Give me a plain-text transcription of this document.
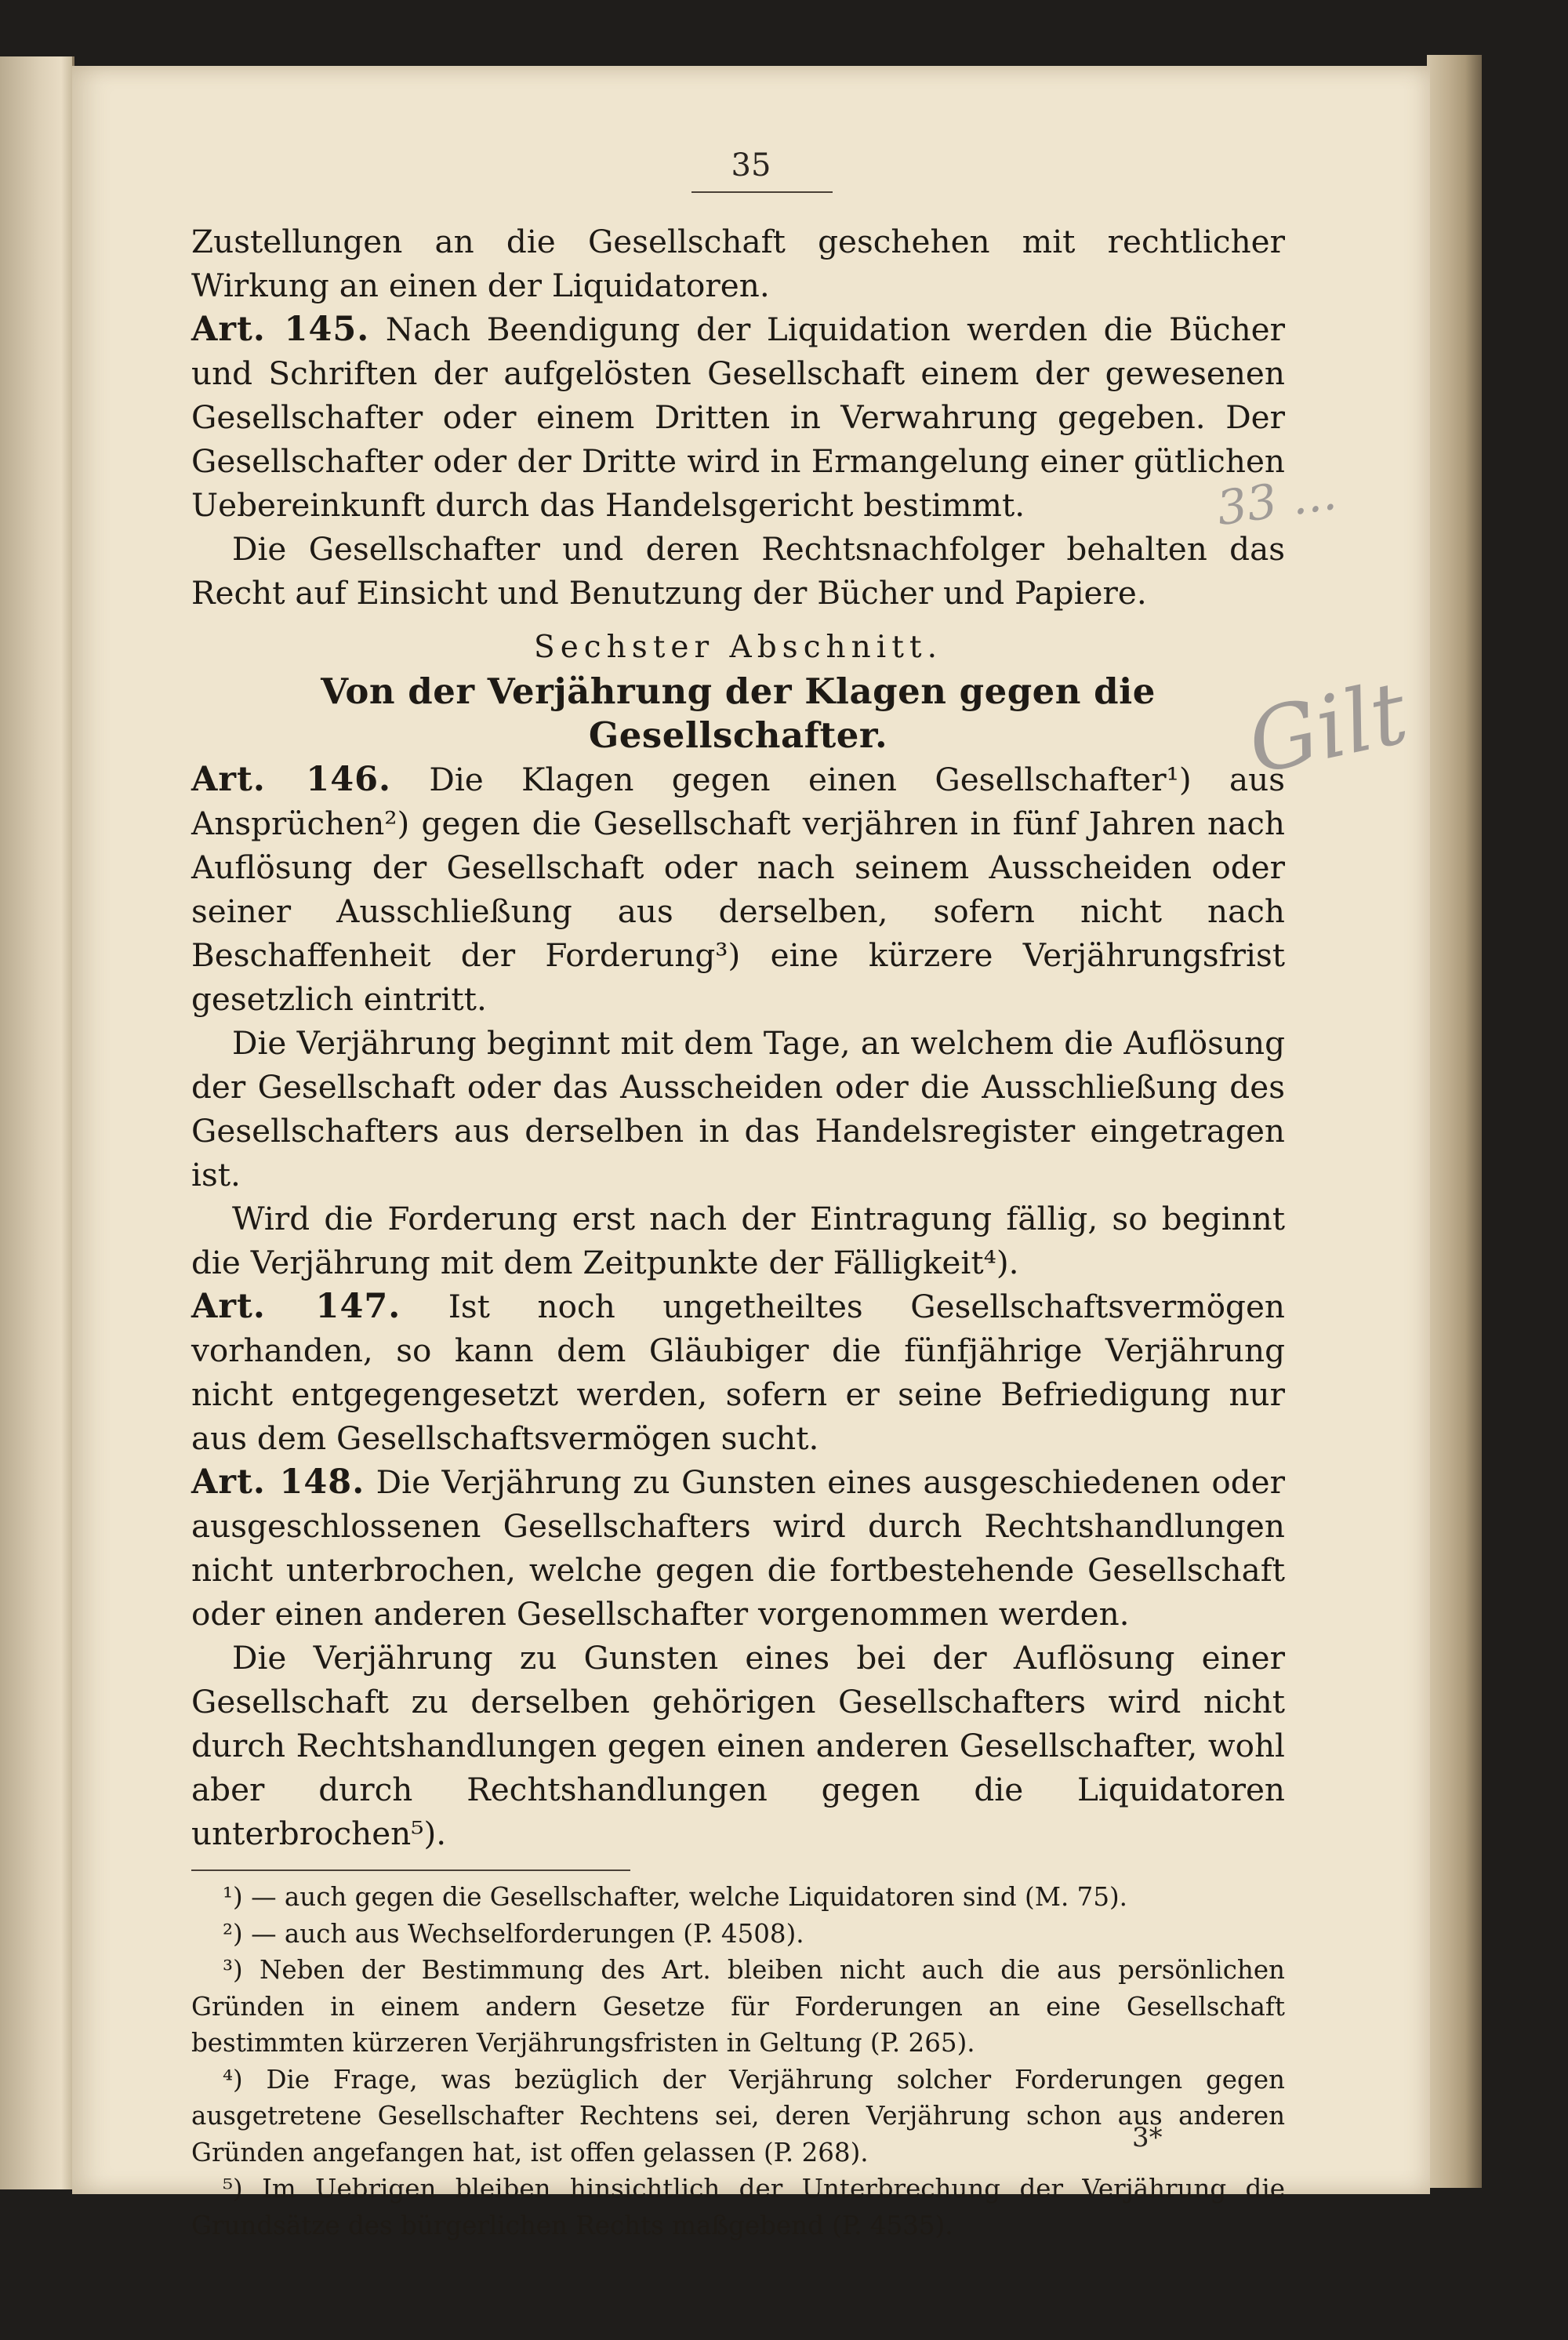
35

Zustellungen an die Gesellschaft geschehen mit rechtlicher Wirkung an einen der Liquidatoren.

Art. 145. Nach Beendigung der Liquidation werden die Bücher und Schriften der aufgelösten Gesellschaft einem der gewesenen Gesellschafter oder einem Dritten in Verwahrung gegeben. Der Gesellschafter oder der Dritte wird in Ermangelung einer gütlichen Uebereinkunft durch das Handelsgericht bestimmt.

Die Gesellschafter und deren Rechtsnachfolger behalten das Recht auf Einsicht und Benutzung der Bücher und Papiere.

Sechster Abschnitt.
Von der Verjährung der Klagen gegen die Gesellschafter.

Art. 146. Die Klagen gegen einen Gesellschafter¹) aus Ansprüchen²) gegen die Gesellschaft verjähren in fünf Jahren nach Auflösung der Gesellschaft oder nach seinem Ausscheiden oder seiner Ausschließung aus derselben, sofern nicht nach Beschaffenheit der Forderung³) eine kürzere Verjährungsfrist gesetzlich eintritt.

Die Verjährung beginnt mit dem Tage, an welchem die Auflösung der Gesellschaft oder das Ausscheiden oder die Ausschließung des Gesellschafters aus derselben in das Handelsregister eingetragen ist.

Wird die Forderung erst nach der Eintragung fällig, so beginnt die Verjährung mit dem Zeitpunkte der Fälligkeit⁴).

Art. 147. Ist noch ungetheiltes Gesellschaftsvermögen vorhanden, so kann dem Gläubiger die fünfjährige Verjährung nicht entgegengesetzt werden, sofern er seine Befriedigung nur aus dem Gesellschaftsvermögen sucht.

Art. 148. Die Verjährung zu Gunsten eines ausgeschiedenen oder ausgeschlossenen Gesellschafters wird durch Rechtshandlungen nicht unterbrochen, welche gegen die fortbestehende Gesellschaft oder einen anderen Gesellschafter vorgenommen werden.

Die Verjährung zu Gunsten eines bei der Auflösung einer Gesellschaft zu derselben gehörigen Gesellschafters wird nicht durch Rechtshandlungen gegen einen anderen Gesellschafter, wohl aber durch Rechtshandlungen gegen die Liquidatoren unterbrochen⁵).

¹) — auch gegen die Gesellschafter, welche Liquidatoren sind (M. 75).

²) — auch aus Wechselforderungen (P. 4508).

³) Neben der Bestimmung des Art. bleiben nicht auch die aus persönlichen Gründen in einem andern Gesetze für Forderungen an eine Gesellschaft bestimmten kürzeren Verjährungsfristen in Geltung (P. 265).

⁴) Die Frage, was bezüglich der Verjährung solcher Forderungen gegen ausgetretene Gesellschafter Rechtens sei, deren Verjährung schon aus anderen Gründen angefangen hat, ist offen gelassen (P. 268).

⁵) Im Uebrigen bleiben hinsichtlich der Unterbrechung der Verjährung die Grundsätze des bürgerlichen Rechts maßgebend (P. 4535).

3*
33 ...
Gilt
